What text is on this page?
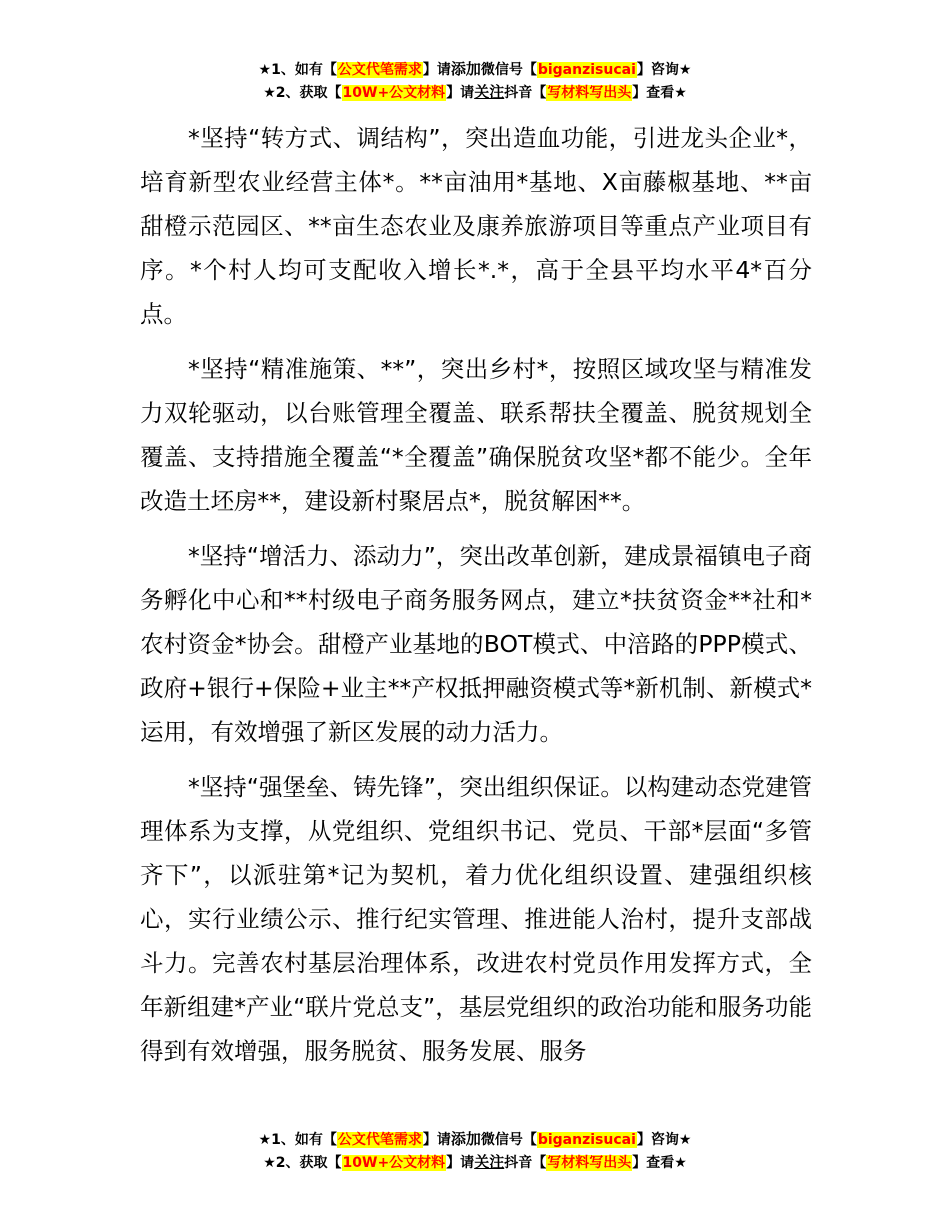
★1、如有【公文代笔需求】请添加微信号【biganzisucai】咨询★
★2、获取【10W+公文材料】请关注抖音【写材料写出头】查看★

*坚持“转方式、调结构”，突出造血功能，引进龙头企业*，培育新型农业经营主体*。**亩油用*基地、X亩藤椒基地、**亩甜橙示范园区、**亩生态农业及康养旅游项目等重点产业项目有序。*个村人均可支配收入增长*.*，高于全县平均水平4*百分点。

*坚持“精准施策、**”，突出乡村*，按照区域攻坚与精准发力双轮驱动，以台账管理全覆盖、联系帮扶全覆盖、脱贫规划全覆盖、支持措施全覆盖“*全覆盖”确保脱贫攻坚*都不能少。全年改造土坯房**，建设新村聚居点*，脱贫解困**。

*坚持“增活力、添动力”，突出改革创新，建成景福镇电子商务孵化中心和**村级电子商务服务网点，建立*扶贫资金**社和*农村资金*协会。甜橙产业基地的BOT模式、中涪路的PPP模式、政府+银行+保险+业主**产权抵押融资模式等*新机制、新模式*运用，有效增强了新区发展的动力活力。

*坚持“强堡垒、铸先锋”，突出组织保证。以构建动态党建管理体系为支撑，从党组织、党组织书记、党员、干部*层面“多管齐下”，以派驻第*记为契机，着力优化组织设置、建强组织核心，实行业绩公示、推行纪实管理、推进能人治村，提升支部战斗力。完善农村基层治理体系，改进农村党员作用发挥方式，全年新组建*产业“联片党总支”，基层党组织的政治功能和服务功能得到有效增强，服务脱贫、服务发展、服务

★1、如有【公文代笔需求】请添加微信号【biganzisucai】咨询★
★2、获取【10W+公文材料】请关注抖音【写材料写出头】查看★
